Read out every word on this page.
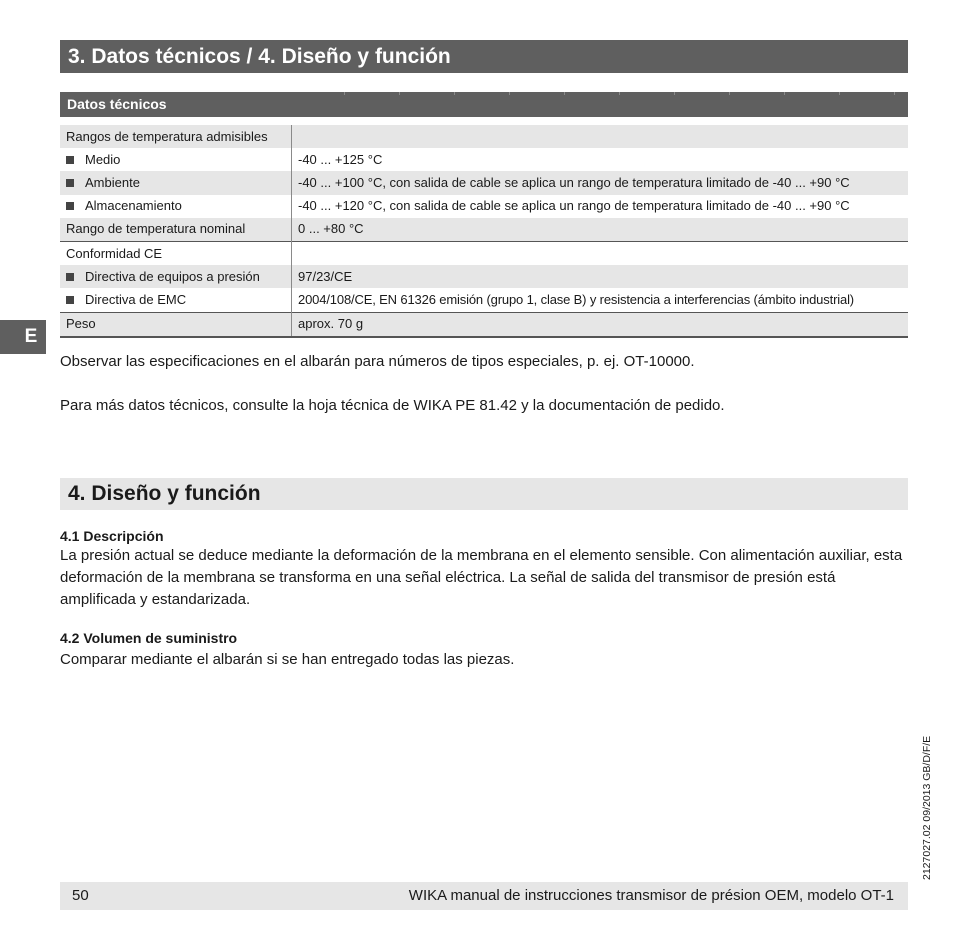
3. Datos técnicos / 4. Diseño y función
Datos técnicos
Rangos de temperatura admisibles	
Medio	-40 ... +125 °C
Ambiente	-40 ... +100 °C, con salida de cable se aplica un rango de temperatura limitado de -40 ... +90 °C
Almacenamiento	-40 ... +120 °C, con salida de cable se aplica un rango de temperatura limitado de -40 ... +90 °C
Rango de temperatura nominal	0 ... +80 °C
Conformidad CE	
Directiva de equipos a presión	97/23/CE
Directiva de EMC	2004/108/CE, EN 61326 emisión (grupo 1, clase B) y resistencia a interferencias (ámbito industrial)
Peso	aprox. 70 g
E
Observar las especificaciones en el albarán para números de tipos especiales, p. ej. OT-10000.
Para más datos técnicos, consulte la hoja técnica de WIKA PE 81.42 y la documentación de pedido.
4. Diseño y función
4.1 Descripción
La presión actual se deduce mediante la deformación de la membrana en el elemento sensible. Con alimentación auxiliar, esta deformación de la membrana se transforma en una señal eléctrica. La señal de salida del transmisor de presión está amplificada y estandarizada.
4.2 Volumen de suministro
Comparar mediante el albarán si se han entregado todas las piezas.
50	WIKA manual de instrucciones transmisor de présion OEM, modelo OT-1
2127027.02 09/2013 GB/D/F/E
